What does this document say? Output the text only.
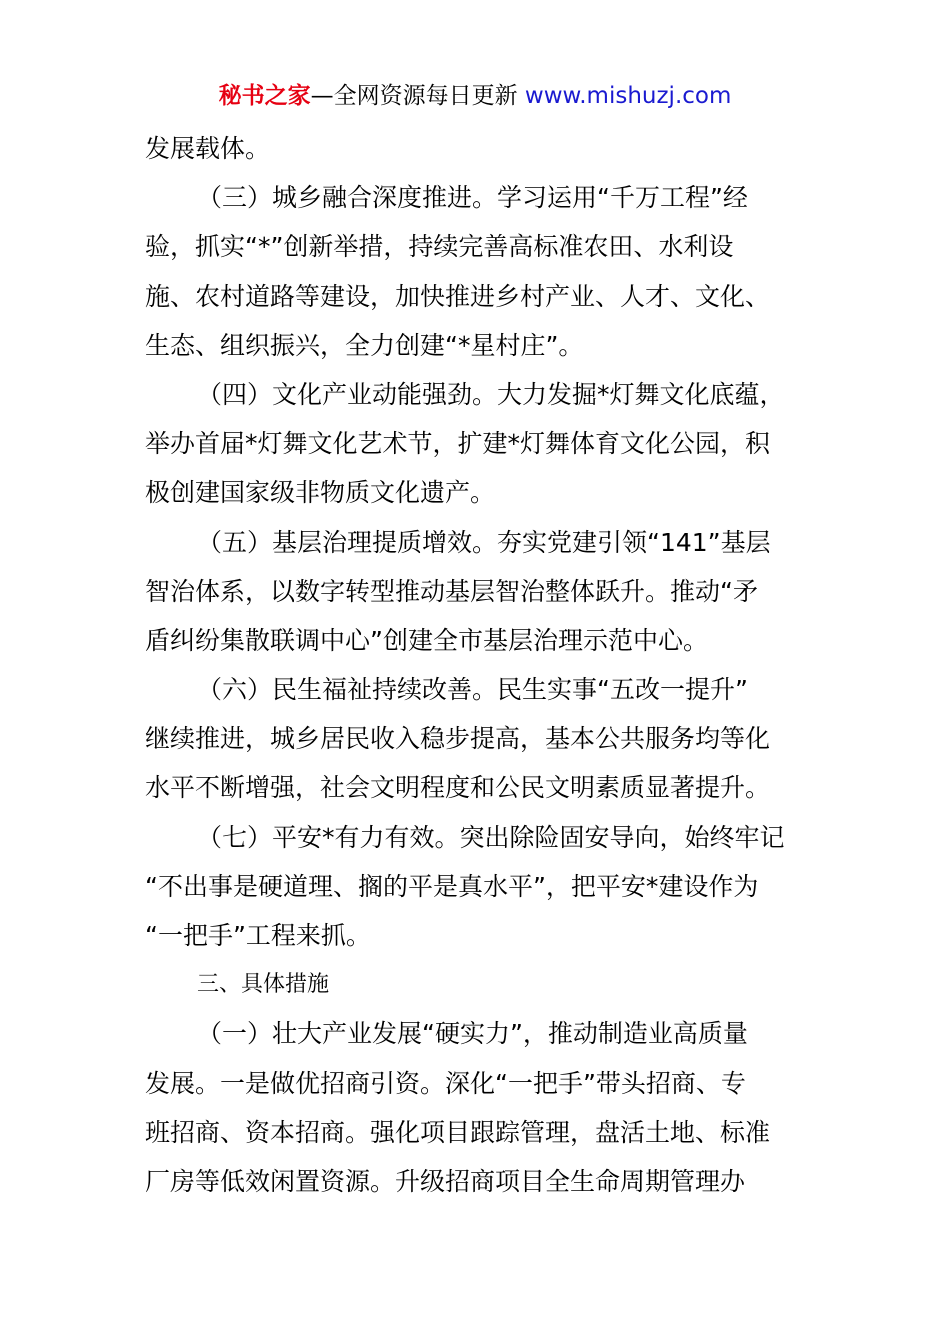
秘书之家—全网资源每日更新 www.mishuzj.com
发展载体。
（三）城乡融合深度推进。学习运用“千万工程”经
验，抓实“*”创新举措，持续完善高标准农田、水利设
施、农村道路等建设，加快推进乡村产业、人才、文化、
生态、组织振兴，全力创建“*星村庄”。
（四）文化产业动能强劲。大力发掘*灯舞文化底蕴，
举办首届*灯舞文化艺术节，扩建*灯舞体育文化公园，积
极创建国家级非物质文化遗产。
（五）基层治理提质增效。夯实党建引领“141”基层
智治体系，以数字转型推动基层智治整体跃升。推动“矛
盾纠纷集散联调中心”创建全市基层治理示范中心。
（六）民生福祉持续改善。民生实事“五改一提升”
继续推进，城乡居民收入稳步提高，基本公共服务均等化
水平不断增强，社会文明程度和公民文明素质显著提升。
（七）平安*有力有效。突出除险固安导向，始终牢记
“不出事是硬道理、搁的平是真水平”，把平安*建设作为
“一把手”工程来抓。
三、具体措施
（一）壮大产业发展“硬实力”，推动制造业高质量
发展。一是做优招商引资。深化“一把手”带头招商、专
班招商、资本招商。强化项目跟踪管理，盘活土地、标准
厂房等低效闲置资源。升级招商项目全生命周期管理办
